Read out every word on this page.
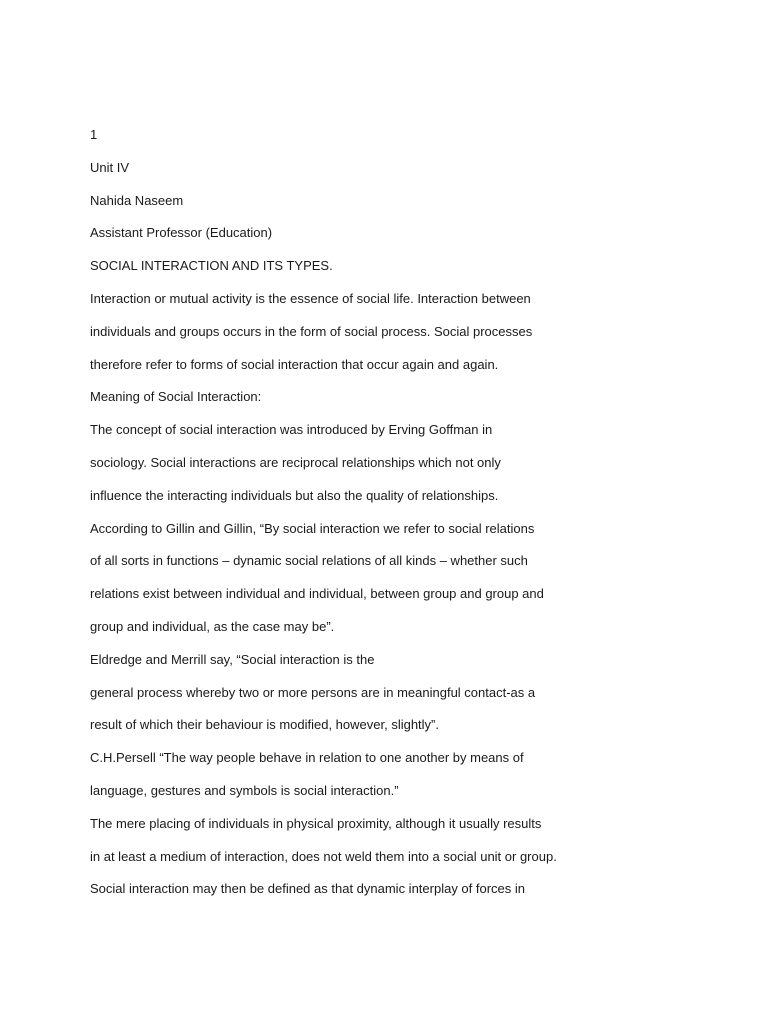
1
Unit IV
Nahida Naseem
Assistant Professor (Education)
SOCIAL INTERACTION AND ITS TYPES.
Interaction or mutual activity is the essence of social life. Interaction between
individuals and groups occurs in the form of social process. Social processes
therefore refer to forms of social interaction that occur again and again.
Meaning of Social Interaction:
The concept of social interaction was introduced by Erving Goffman in
sociology. Social interactions are reciprocal relationships which not only
influence the interacting individuals but also the quality of relationships.
According to Gillin and Gillin, “By social interaction we refer to social relations
of all sorts in functions – dynamic social relations of all kinds – whether such
relations exist between individual and individual, between group and group and
group and individual, as the case may be”.
Eldredge and Merrill say, “Social interaction is the
general process whereby two or more persons are in meaningful contact-as a
result of which their behaviour is modified, however, slightly”.
C.H.Persell “The way people behave in relation to one another by means of
language, gestures and symbols is social interaction.”
The mere placing of individuals in physical proximity, although it usually results
in at least a medium of interaction, does not weld them into a social unit or group.
Social interaction may then be defined as that dynamic interplay of forces in
